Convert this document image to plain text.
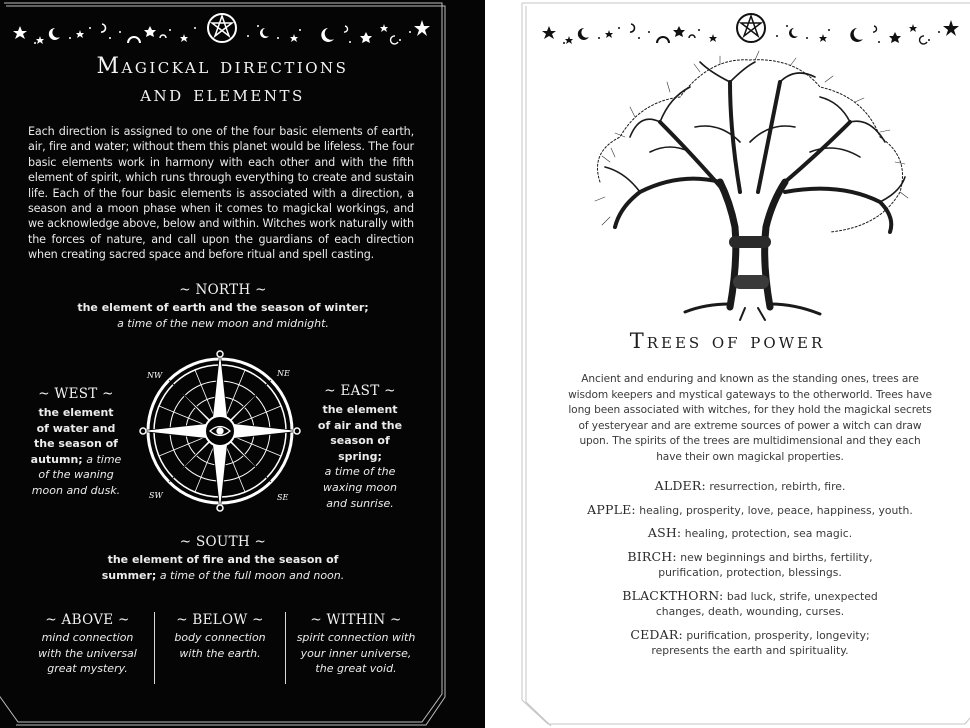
Magickal directions
and elements

Each direction is assigned to one of the four basic elements of earth, air, fire and water; without them this planet would be lifeless. The four basic elements work in harmony with each other and with the fifth element of spirit, which runs through everything to create and sustain life. Each of the four basic elements is associated with a direction, a season and a moon phase when it comes to magickal workings, and we acknowledge above, below and within. Witches work naturally with the forces of nature, and call upon the guardians of each direction when creating sacred space and before ritual and spell casting.

~ NORTH ~
the element of earth and the season of winter;
a time of the new moon and midnight.
~ WEST ~
the element
of water and
the season of
autumn; a time
of the waning
moon and dusk.
NW	NE
SW	SE
~ EAST ~
the element
of air and the
season of spring;
a time of the
waxing moon
and sunrise.
~ SOUTH ~
the element of fire and the season of
summer; a time of the full moon and noon.
~ ABOVE ~
mind connection
with the universal
great mystery.
~ BELOW ~
body connection
with the earth.
~ WITHIN ~
spirit connection with
your inner universe,
the great void.
Trees of power

Ancient and enduring and known as the standing ones, trees are wisdom keepers and mystical gateways to the otherworld. Trees have long been associated with witches, for they hold the magickal secrets of yesteryear and are extreme sources of power a witch can draw upon. The spirits of the trees are multidimensional and they each have their own magickal properties.

ALDER: resurrection, rebirth, fire.
APPLE: healing, prosperity, love, peace, happiness, youth.
ASH: healing, protection, sea magic.
BIRCH: new beginnings and births, fertility, purification, protection, blessings.
BLACKTHORN: bad luck, strife, unexpected changes, death, wounding, curses.
CEDAR: purification, prosperity, longevity; represents the earth and spirituality.
